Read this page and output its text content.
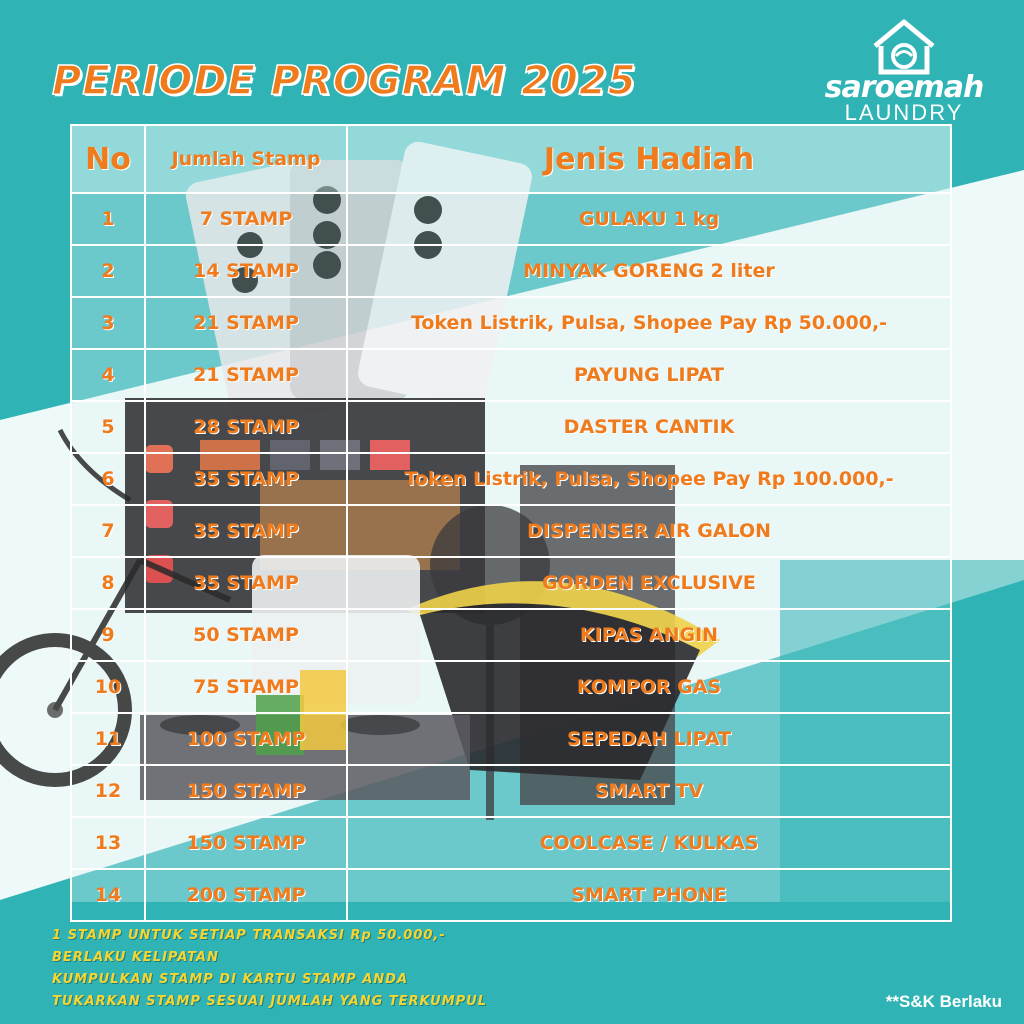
PERIODE PROGRAM 2025	saroemah
LAUNDRY
No	Jumlah Stamp	Jenis Hadiah
1	7 STAMP	GULAKU 1 kg
2	14 STAMP	MINYAK GORENG 2 liter
3	21 STAMP	Token Listrik, Pulsa, Shopee Pay Rp 50.000,-
4	21 STAMP	PAYUNG LIPAT
5	28 STAMP	DASTER CANTIK
6	35 STAMP	Token Listrik, Pulsa, Shopee Pay Rp 100.000,-
7	35 STAMP	DISPENSER AIR GALON
8	35 STAMP	GORDEN EXCLUSIVE
9	50 STAMP	KIPAS ANGIN
10	75 STAMP	KOMPOR GAS
11	100 STAMP	SEPEDAH LIPAT
12	150 STAMP	SMART TV
13	150 STAMP	COOLCASE / KULKAS
14	200 STAMP	SMART PHONE

1 STAMP UNTUK SETIAP TRANSAKSI Rp 50.000,-

BERLAKU KELIPATAN

KUMPULKAN STAMP DI KARTU STAMP ANDA

TUKARKAN STAMP SESUAI JUMLAH YANG TERKUMPUL	**S&K Berlaku
